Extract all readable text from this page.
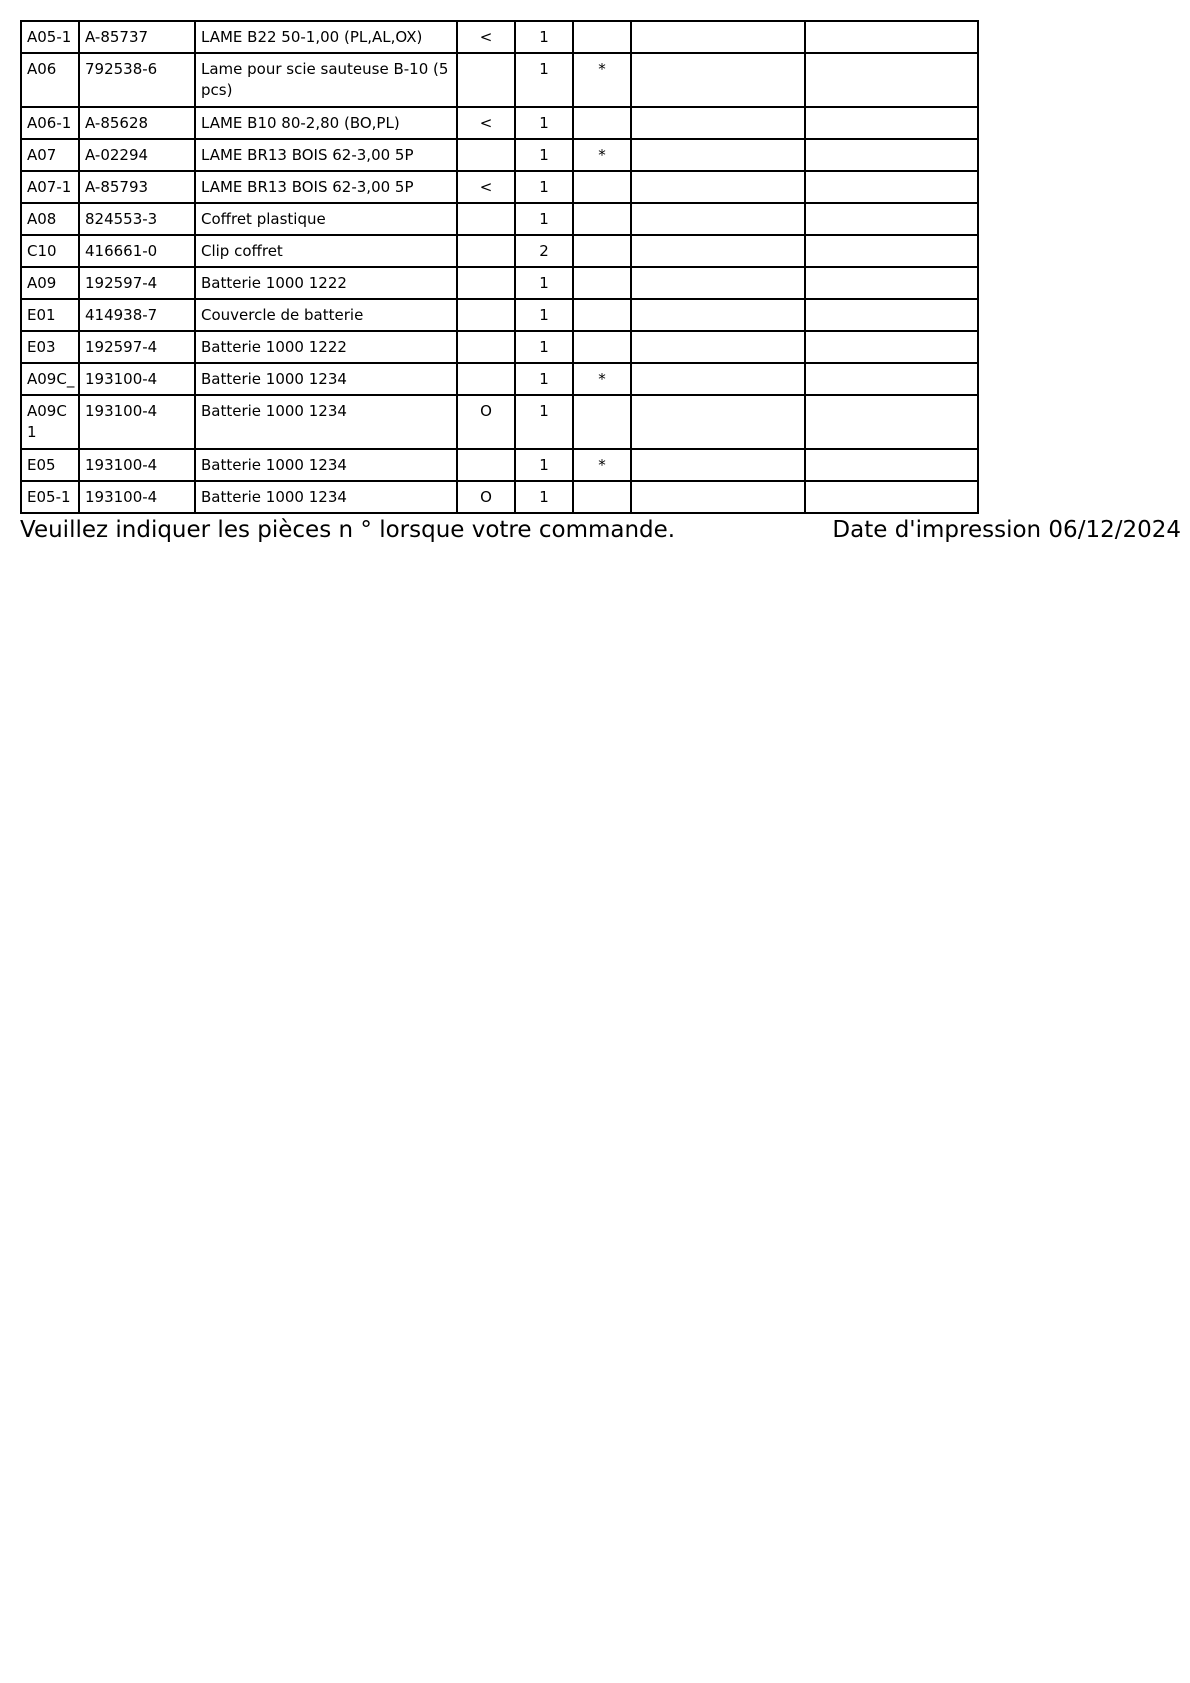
A05-1	A-85737	LAME B22 50-1,00 (PL,AL,OX)	<	1			
A06	792538-6	Lame pour scie sauteuse B-10 (5 pcs)		1	*		
A06-1	A-85628	LAME B10 80-2,80 (BO,PL)	<	1			
A07	A-02294	LAME BR13 BOIS 62-3,00 5P		1	*		
A07-1	A-85793	LAME BR13 BOIS 62-3,00 5P	<	1			
A08	824553-3	Coffret plastique		1			
C10	416661-0	Clip coffret		2			
A09	192597-4	Batterie 1000 1222		1			
E01	414938-7	Couvercle de batterie		1			
E03	192597-4	Batterie 1000 1222		1			
A09C_	193100-4	Batterie 1000 1234		1	*		
A09C 1	193100-4	Batterie 1000 1234	O	1			
E05	193100-4	Batterie 1000 1234		1	*		
E05-1	193100-4	Batterie 1000 1234	O	1			
Veuillez indiquer les pièces n ° lorsque votre commande.	Date d'impression 06/12/2024
